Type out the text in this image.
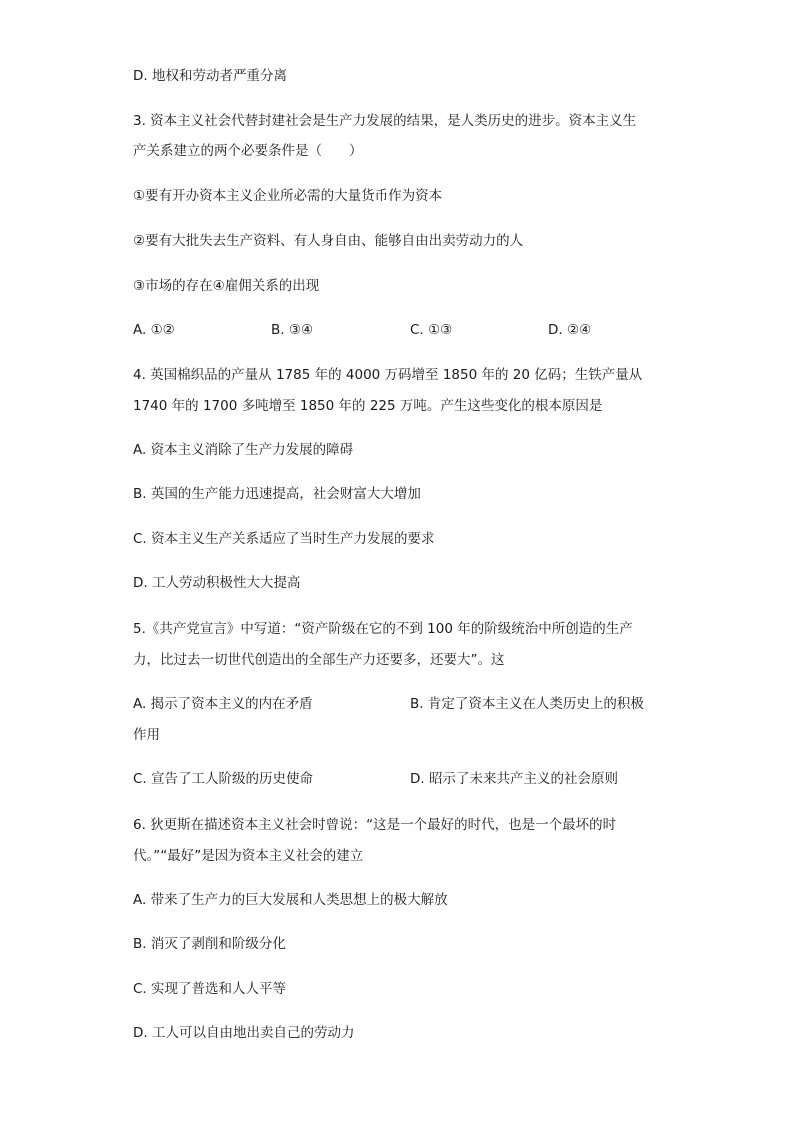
D. 地权和劳动者严重分离
3. 资本主义社会代替封建社会是生产力发展的结果，是人类历史的进步。资本主义生
产关系建立的两个必要条件是（　　）
①要有开办资本主义企业所必需的大量货币作为资本
②要有大批失去生产资料、有人身自由、能够自由出卖劳动力的人
③市场的存在④雇佣关系的出现
A. ①②	B. ③④	C. ①③	D. ②④
4. 英国棉织品的产量从 1785 年的 4000 万码增至 1850 年的 20 亿码；生铁产量从
1740 年的 1700 多吨增至 1850 年的 225 万吨。产生这些变化的根本原因是
A. 资本主义消除了生产力发展的障碍
B. 英国的生产能力迅速提高，社会财富大大增加
C. 资本主义生产关系适应了当时生产力发展的要求
D. 工人劳动积极性大大提高
5.《共产党宣言》中写道：“资产阶级在它的不到 100 年的阶级统治中所创造的生产
力，比过去一切世代创造出的全部生产力还要多，还要大”。这
A. 揭示了资本主义的内在矛盾	B. 肯定了资本主义在人类历史上的积极
作用
C. 宣告了工人阶级的历史使命	D. 昭示了未来共产主义的社会原则
6. 狄更斯在描述资本主义社会时曾说：“这是一个最好的时代，也是一个最坏的时
代。”“最好”是因为资本主义社会的建立
A. 带来了生产力的巨大发展和人类思想上的极大解放
B. 消灭了剥削和阶级分化
C. 实现了普选和人人平等
D. 工人可以自由地出卖自己的劳动力
